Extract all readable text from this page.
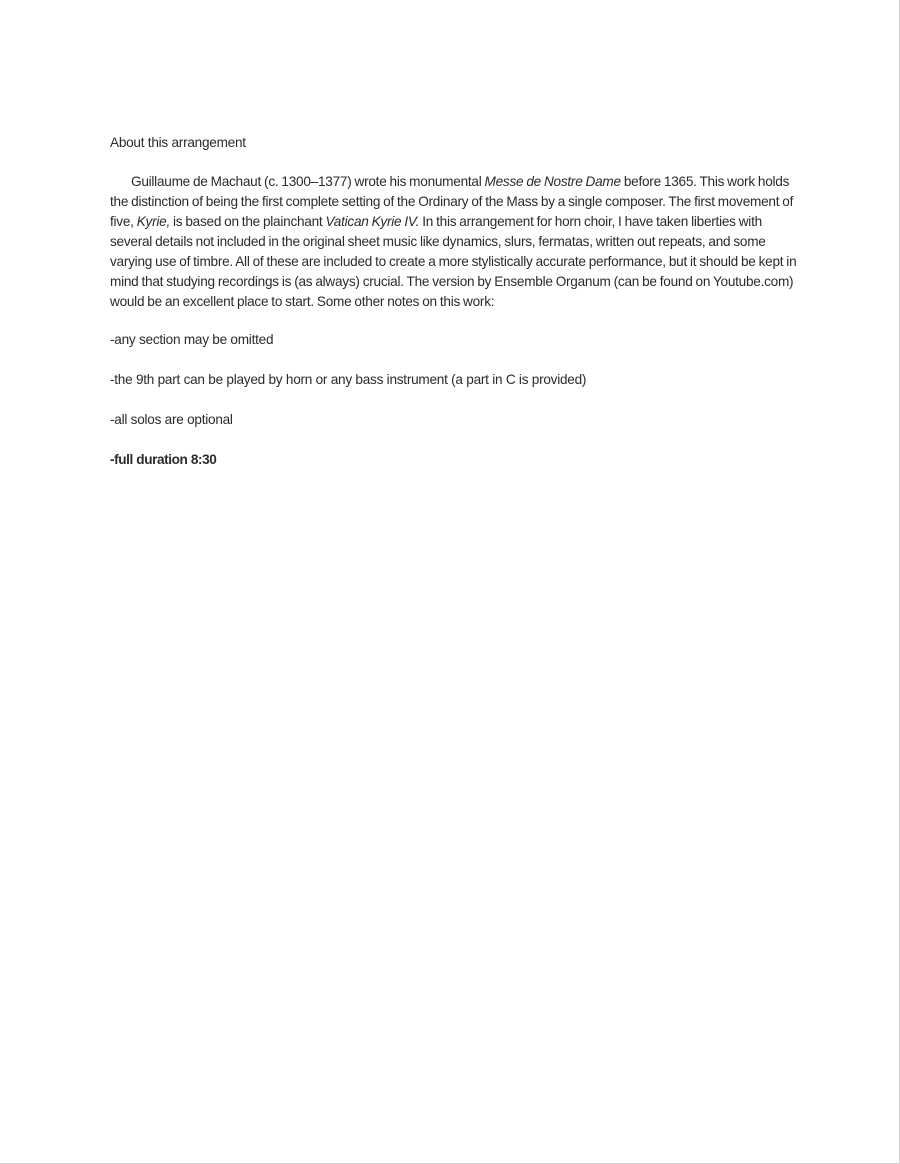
About this arrangement

Guillaume de Machaut (c. 1300–1377) wrote his monumental Messe de Nostre Dame before 1365. This work holds the distinction of being the first complete setting of the Ordinary of the Mass by a single composer. The first movement of five, Kyrie, is based on the plainchant Vatican Kyrie IV. In this arrangement for horn choir, I have taken liberties with several details not included in the original sheet music like dynamics, slurs, fermatas, written out repeats, and some varying use of timbre. All of these are included to create a more stylistically accurate performance, but it should be kept in mind that studying recordings is (as always) crucial. The version by Ensemble Organum (can be found on Youtube.com) would be an excellent place to start. Some other notes on this work:

-any section may be omitted

-the 9th part can be played by horn or any bass instrument (a part in C is provided)

-all solos are optional

-full duration 8:30
